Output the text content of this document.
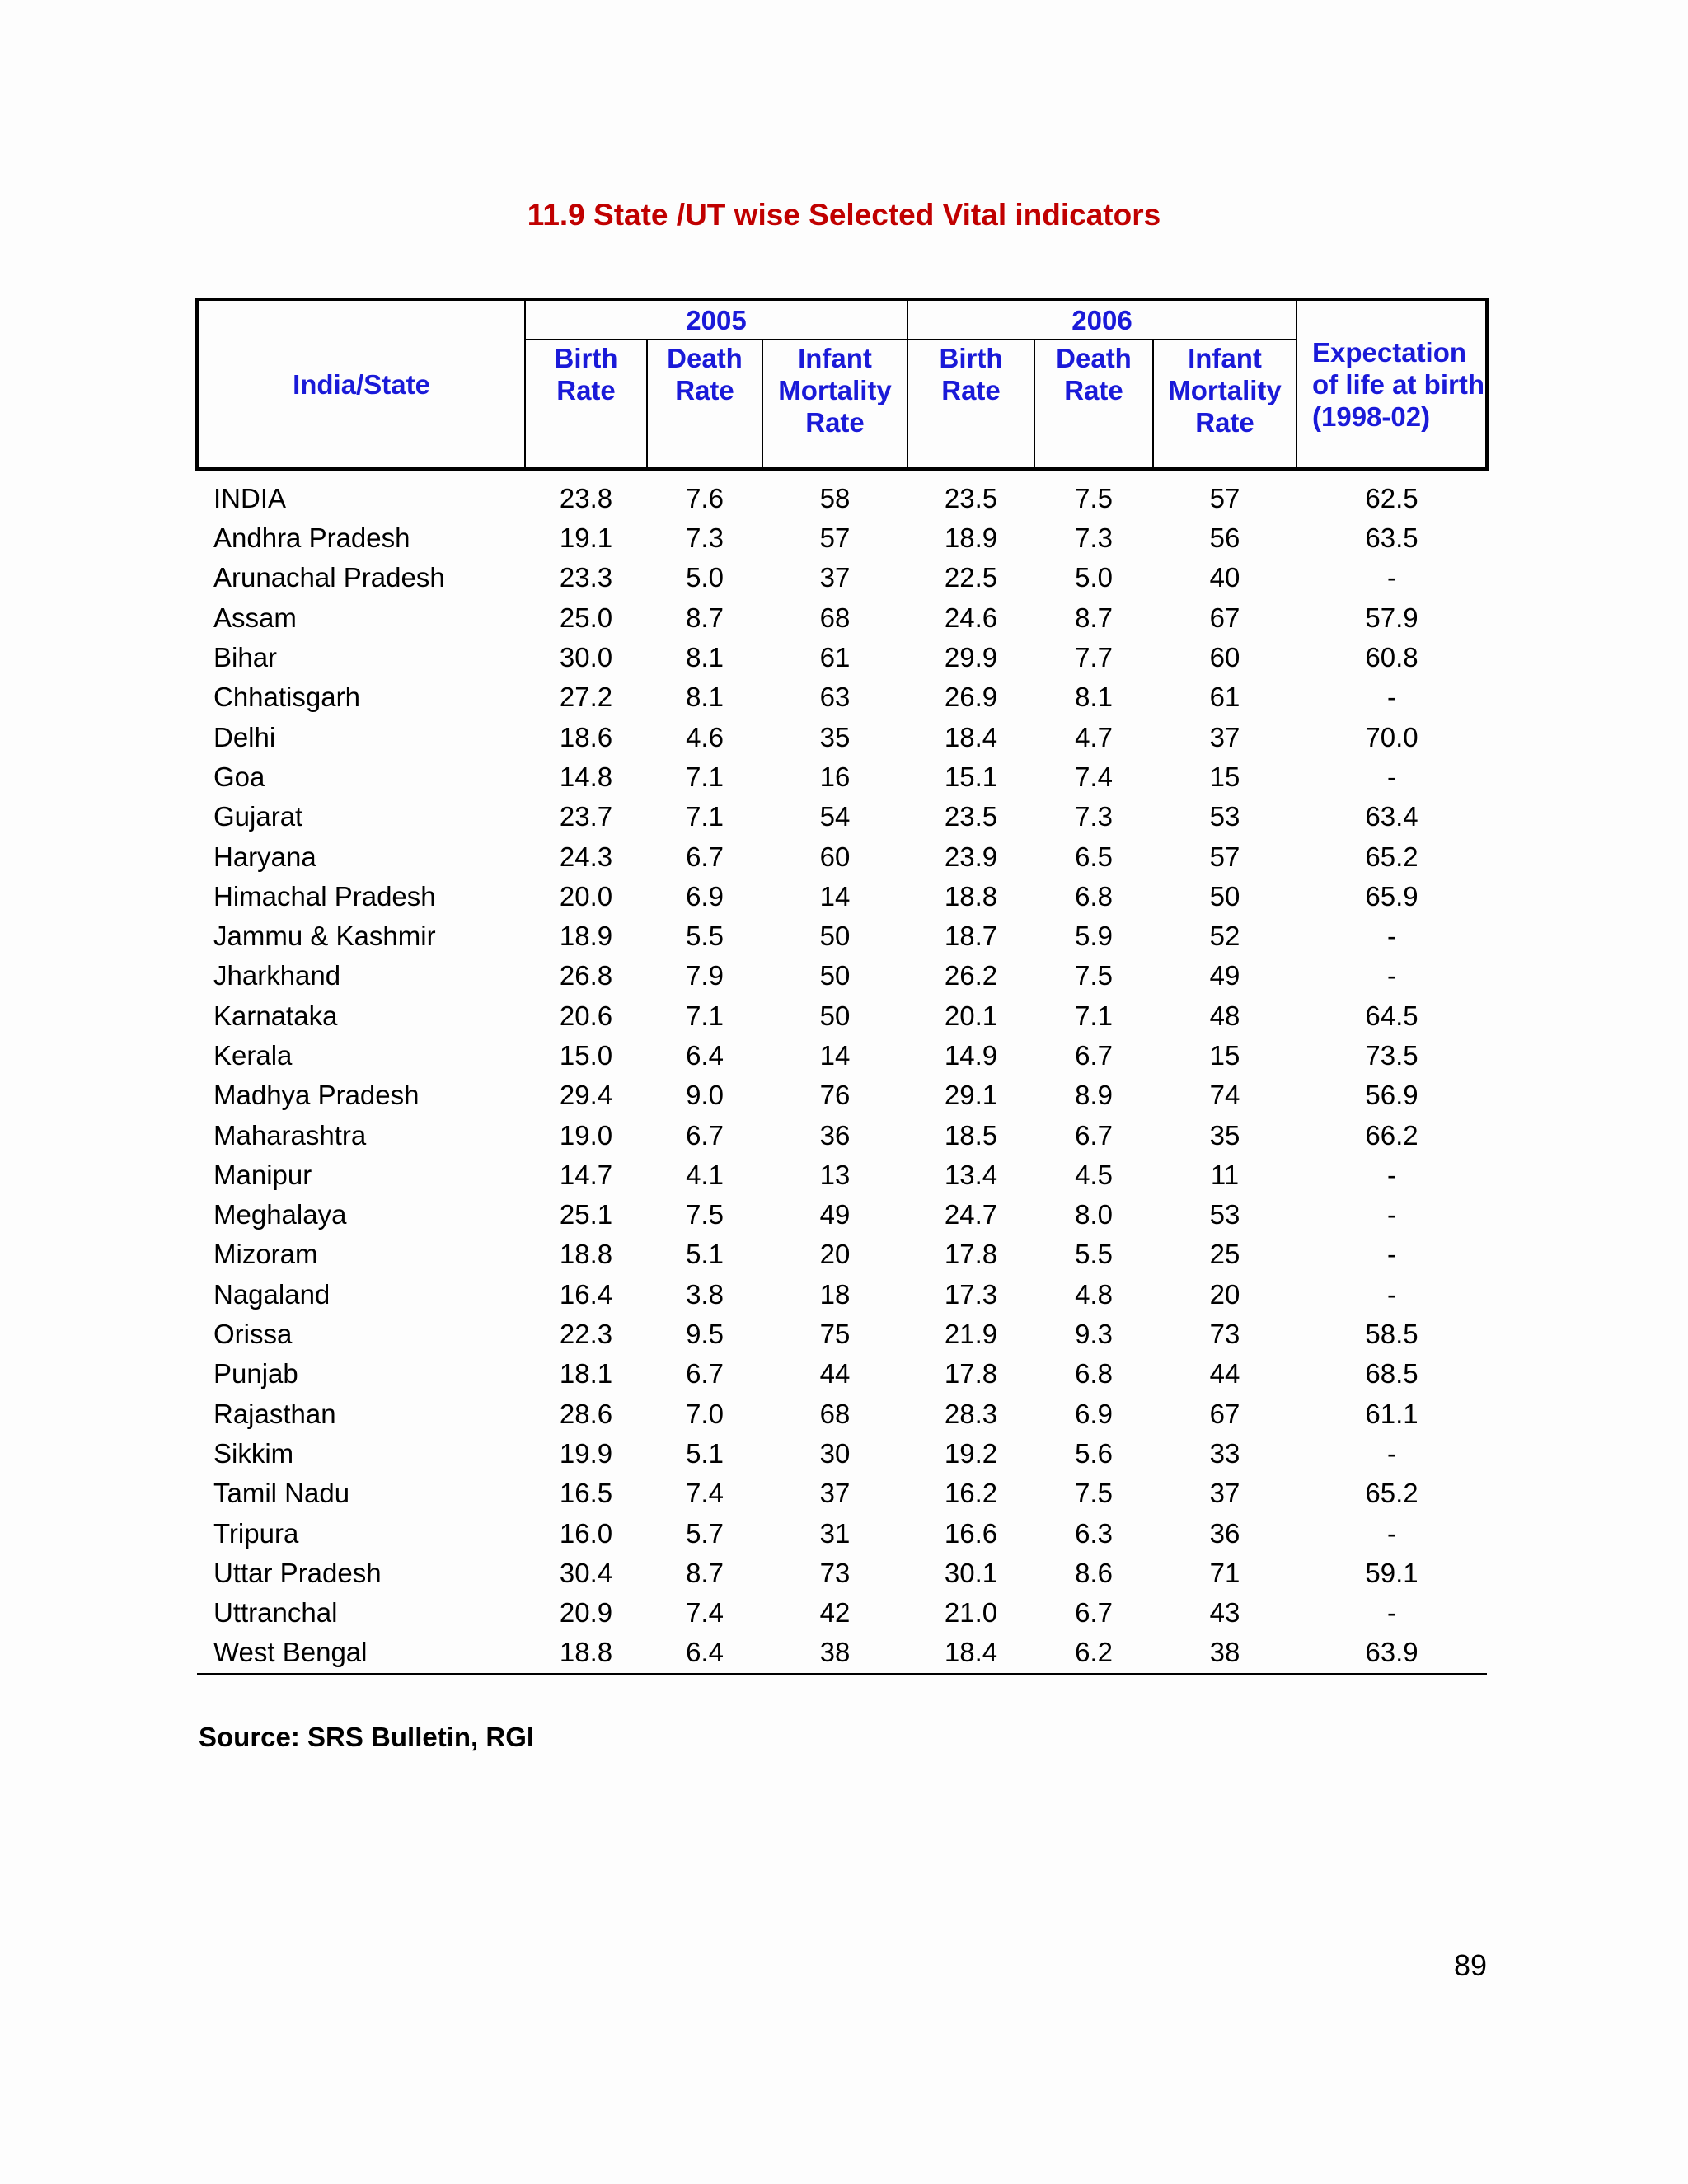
11.9 State /UT wise Selected Vital indicators
India/State	2005			2006			Expectation of life at birth (1998-02)
	Birth Rate	Death Rate	Infant Mortality Rate	Birth Rate	Death Rate	Infant Mortality Rate	
INDIA	23.8	7.6	58	23.5	7.5	57	62.5
Andhra Pradesh	19.1	7.3	57	18.9	7.3	56	63.5
Arunachal Pradesh	23.3	5.0	37	22.5	5.0	40	-
Assam	25.0	8.7	68	24.6	8.7	67	57.9
Bihar	30.0	8.1	61	29.9	7.7	60	60.8
Chhatisgarh	27.2	8.1	63	26.9	8.1	61	-
Delhi	18.6	4.6	35	18.4	4.7	37	70.0
Goa	14.8	7.1	16	15.1	7.4	15	-
Gujarat	23.7	7.1	54	23.5	7.3	53	63.4
Haryana	24.3	6.7	60	23.9	6.5	57	65.2
Himachal Pradesh	20.0	6.9	14	18.8	6.8	50	65.9
Jammu & Kashmir	18.9	5.5	50	18.7	5.9	52	-
Jharkhand	26.8	7.9	50	26.2	7.5	49	-
Karnataka	20.6	7.1	50	20.1	7.1	48	64.5
Kerala	15.0	6.4	14	14.9	6.7	15	73.5
Madhya Pradesh	29.4	9.0	76	29.1	8.9	74	56.9
Maharashtra	19.0	6.7	36	18.5	6.7	35	66.2
Manipur	14.7	4.1	13	13.4	4.5	11	-
Meghalaya	25.1	7.5	49	24.7	8.0	53	-
Mizoram	18.8	5.1	20	17.8	5.5	25	-
Nagaland	16.4	3.8	18	17.3	4.8	20	-
Orissa	22.3	9.5	75	21.9	9.3	73	58.5
Punjab	18.1	6.7	44	17.8	6.8	44	68.5
Rajasthan	28.6	7.0	68	28.3	6.9	67	61.1
Sikkim	19.9	5.1	30	19.2	5.6	33	-
Tamil Nadu	16.5	7.4	37	16.2	7.5	37	65.2
Tripura	16.0	5.7	31	16.6	6.3	36	-
Uttar Pradesh	30.4	8.7	73	30.1	8.6	71	59.1
Uttranchal	20.9	7.4	42	21.0	6.7	43	-
West Bengal	18.8	6.4	38	18.4	6.2	38	63.9

Source: SRS Bulletin, RGI

89
